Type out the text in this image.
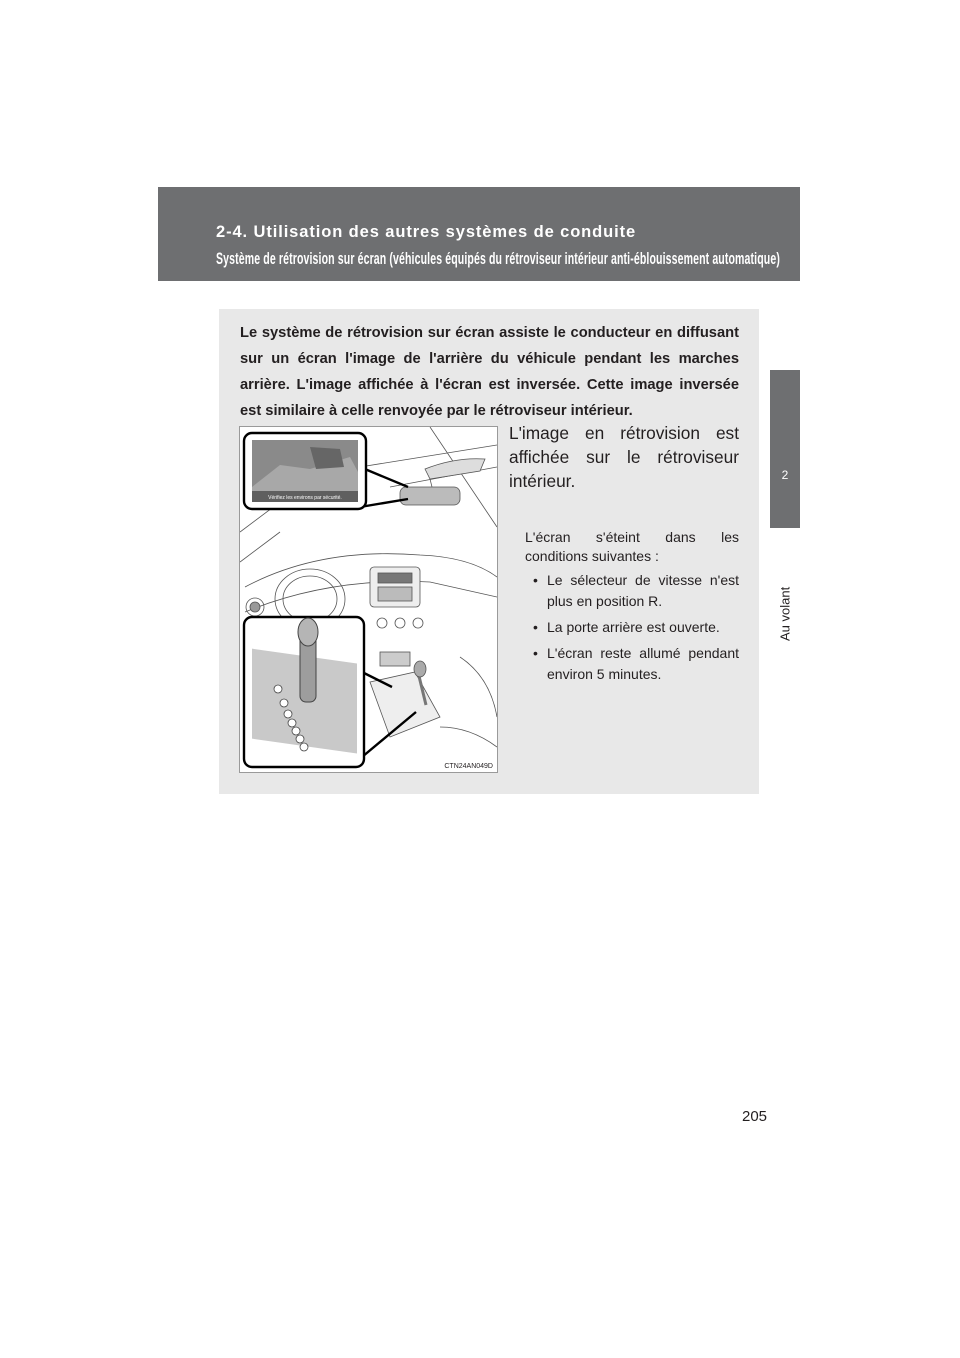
2-4. Utilisation des autres systèmes de conduite
Système de rétrovision sur écran (véhicules équipés du rétroviseur intérieur anti-éblouissement automatique)
2
Au volant
Le système de rétrovision sur écran assiste le conducteur en diffusant sur un écran l'image de l'arrière du véhicule pendant les marches arrière. L'image affichée à l'écran est inversée. Cette image inversée est similaire à celle renvoyée par le rétroviseur intérieur.
Vérifiez les environs par sécurité.
CTN24AN049D
L'image en rétrovision est affichée sur le rétroviseur intérieur.
L'écran s'éteint dans les conditions suivantes :
• Le sélecteur de vitesse n'est plus en position R.
• La porte arrière est ouverte.
• L'écran reste allumé pendant environ 5 minutes.
205
